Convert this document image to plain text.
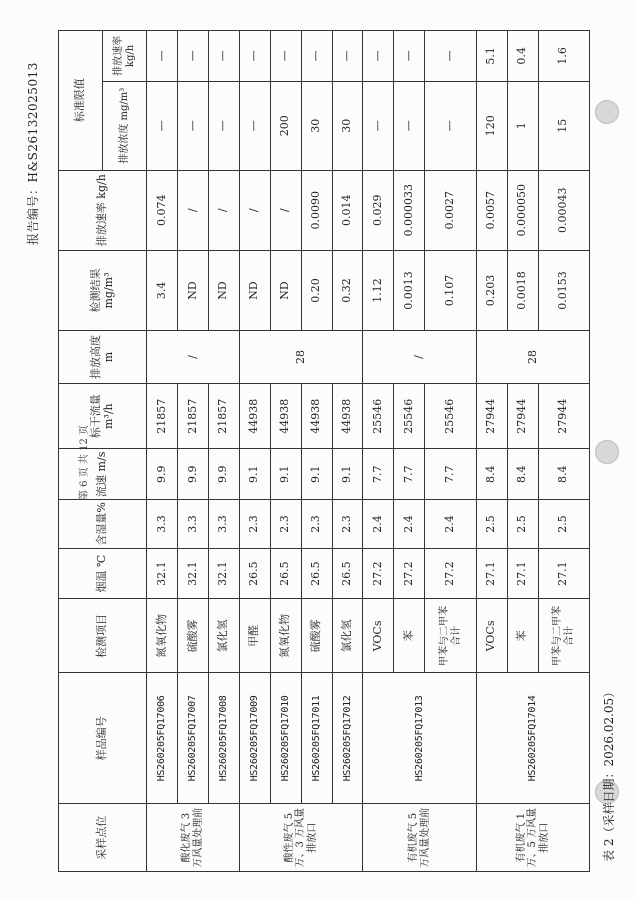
报告编号：H&S26132025013
表 2（采样日期：2026.02.05）
第 6 页 共 12 页
采样点位	样品编号	检测项目	烟温 ℃	含湿量%	流速 m/s	标干流量 m³/h	排放高度 m	检测结果 mg/m³	排放速率 kg/h	标准限值	
										排放浓度 mg/m³	排放速率 kg/h
酸化废气 3 万风量处理前	HS260205FQ17006	氮氧化物	32.1	3.3	9.9	21857	/	3.4	0.074	—	—
	HS260205FQ17007	硫酸雾	32.1	3.3	9.9	21857		ND	/	—	—
	HS260205FQ17008	氯化氢	32.1	3.3	9.9	21857		ND	/	—	—
酸性废气 5 万、3 万风量排放口	HS260205FQ17009	甲醛	26.5	2.3	9.1	44938	28	ND	/	—	—
	HS260205FQ17010	氮氧化物	26.5	2.3	9.1	44938		ND	/	200	—
	HS260205FQ17011	硫酸雾	26.5	2.3	9.1	44938		0.20	0.0090	30	—
	HS260205FQ17012	氯化氢	26.5	2.3	9.1	44938		0.32	0.014	30	—
有机废气 5 万风量处理前	HS260205FQ17013	VOCs	27.2	2.4	7.7	25546	/	1.12	0.029	—	—
		苯	27.2	2.4	7.7	25546		0.0013	0.000033	—	—
		甲苯与二甲苯合计	27.2	2.4	7.7	25546		0.107	0.0027	—	—
有机废气 1 万、5 万风量排放口	HS260205FQ17014	VOCs	27.1	2.5	8.4	27944	28	0.203	0.0057	120	5.1
		苯	27.1	2.5	8.4	27944		0.0018	0.000050	1	0.4
		甲苯与二甲苯合计	27.1	2.5	8.4	27944		0.0153	0.00043	15	1.6
